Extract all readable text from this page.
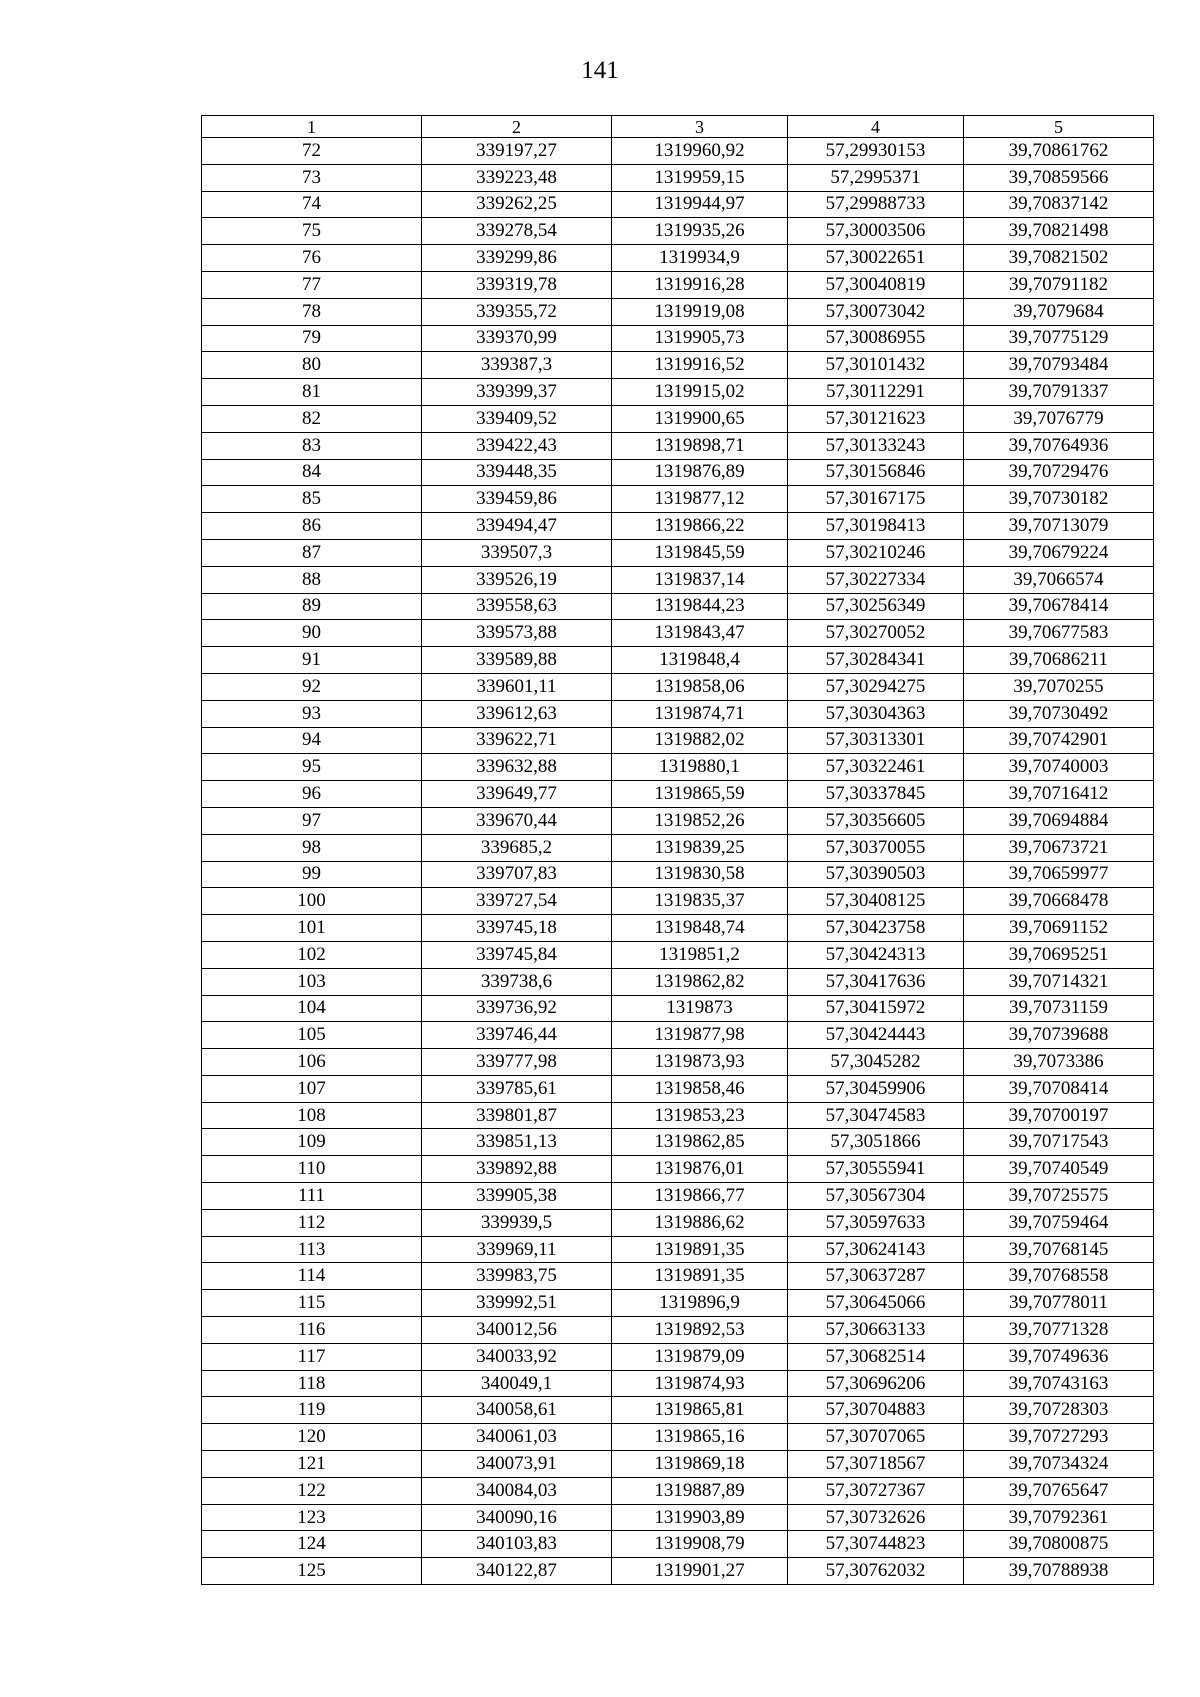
141
1	2	3	4	5
72	339197,27	1319960,92	57,29930153	39,70861762
73	339223,48	1319959,15	57,2995371	39,70859566
74	339262,25	1319944,97	57,29988733	39,70837142
75	339278,54	1319935,26	57,30003506	39,70821498
76	339299,86	1319934,9	57,30022651	39,70821502
77	339319,78	1319916,28	57,30040819	39,70791182
78	339355,72	1319919,08	57,30073042	39,7079684
79	339370,99	1319905,73	57,30086955	39,70775129
80	339387,3	1319916,52	57,30101432	39,70793484
81	339399,37	1319915,02	57,30112291	39,70791337
82	339409,52	1319900,65	57,30121623	39,7076779
83	339422,43	1319898,71	57,30133243	39,70764936
84	339448,35	1319876,89	57,30156846	39,70729476
85	339459,86	1319877,12	57,30167175	39,70730182
86	339494,47	1319866,22	57,30198413	39,70713079
87	339507,3	1319845,59	57,30210246	39,70679224
88	339526,19	1319837,14	57,30227334	39,7066574
89	339558,63	1319844,23	57,30256349	39,70678414
90	339573,88	1319843,47	57,30270052	39,70677583
91	339589,88	1319848,4	57,30284341	39,70686211
92	339601,11	1319858,06	57,30294275	39,7070255
93	339612,63	1319874,71	57,30304363	39,70730492
94	339622,71	1319882,02	57,30313301	39,70742901
95	339632,88	1319880,1	57,30322461	39,70740003
96	339649,77	1319865,59	57,30337845	39,70716412
97	339670,44	1319852,26	57,30356605	39,70694884
98	339685,2	1319839,25	57,30370055	39,70673721
99	339707,83	1319830,58	57,30390503	39,70659977
100	339727,54	1319835,37	57,30408125	39,70668478
101	339745,18	1319848,74	57,30423758	39,70691152
102	339745,84	1319851,2	57,30424313	39,70695251
103	339738,6	1319862,82	57,30417636	39,70714321
104	339736,92	1319873	57,30415972	39,70731159
105	339746,44	1319877,98	57,30424443	39,70739688
106	339777,98	1319873,93	57,3045282	39,7073386
107	339785,61	1319858,46	57,30459906	39,70708414
108	339801,87	1319853,23	57,30474583	39,70700197
109	339851,13	1319862,85	57,3051866	39,70717543
110	339892,88	1319876,01	57,30555941	39,70740549
111	339905,38	1319866,77	57,30567304	39,70725575
112	339939,5	1319886,62	57,30597633	39,70759464
113	339969,11	1319891,35	57,30624143	39,70768145
114	339983,75	1319891,35	57,30637287	39,70768558
115	339992,51	1319896,9	57,30645066	39,70778011
116	340012,56	1319892,53	57,30663133	39,70771328
117	340033,92	1319879,09	57,30682514	39,70749636
118	340049,1	1319874,93	57,30696206	39,70743163
119	340058,61	1319865,81	57,30704883	39,70728303
120	340061,03	1319865,16	57,30707065	39,70727293
121	340073,91	1319869,18	57,30718567	39,70734324
122	340084,03	1319887,89	57,30727367	39,70765647
123	340090,16	1319903,89	57,30732626	39,70792361
124	340103,83	1319908,79	57,30744823	39,70800875
125	340122,87	1319901,27	57,30762032	39,70788938
